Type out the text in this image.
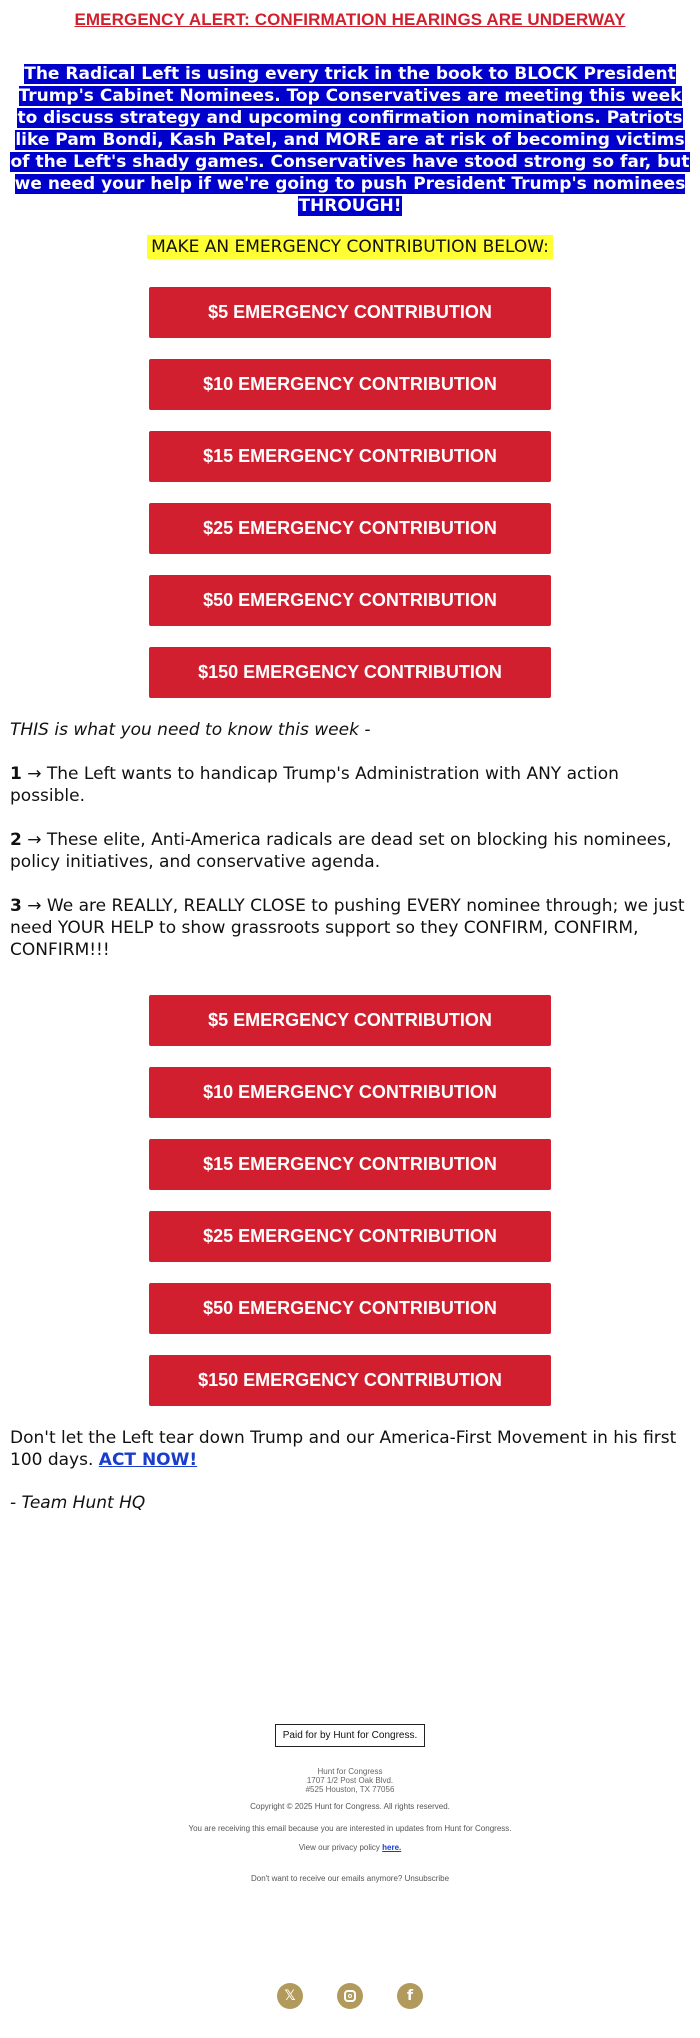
EMERGENCY ALERT: CONFIRMATION HEARINGS ARE UNDERWAY
The Radical Left is using every trick in the book to BLOCK President Trump's Cabinet Nominees. Top Conservatives are meeting this week to discuss strategy and upcoming confirmation nominations. Patriots like Pam Bondi, Kash Patel, and MORE are at risk of becoming victims of the Left's shady games. Conservatives have stood strong so far, but we need your help if we're going to push President Trump's nominees THROUGH!
MAKE AN EMERGENCY CONTRIBUTION BELOW:
$5 EMERGENCY CONTRIBUTION
$10 EMERGENCY CONTRIBUTION
$15 EMERGENCY CONTRIBUTION
$25 EMERGENCY CONTRIBUTION
$50 EMERGENCY CONTRIBUTION
$150 EMERGENCY CONTRIBUTION
THIS is what you need to know this week -
1 → The Left wants to handicap Trump's Administration with ANY action possible.
2 → These elite, Anti-America radicals are dead set on blocking his nominees, policy initiatives, and conservative agenda.
3 → We are REALLY, REALLY CLOSE to pushing EVERY nominee through; we just need YOUR HELP to show grassroots support so they CONFIRM, CONFIRM, CONFIRM!!!
$5 EMERGENCY CONTRIBUTION
$10 EMERGENCY CONTRIBUTION
$15 EMERGENCY CONTRIBUTION
$25 EMERGENCY CONTRIBUTION
$50 EMERGENCY CONTRIBUTION
$150 EMERGENCY CONTRIBUTION
Don't let the Left tear down Trump and our America-First Movement in his first 100 days. ACT NOW!
- Team Hunt HQ
Paid for by Hunt for Congress.
Hunt for Congress
1707 1/2 Post Oak Blvd.
#525 Houston, TX 77056
Copyright © 2025 Hunt for Congress. All rights reserved.
You are receiving this email because you are interested in updates from Hunt for Congress.
View our privacy policy here.
Don't want to receive our emails anymore? Unsubscribe
𝕏	f
